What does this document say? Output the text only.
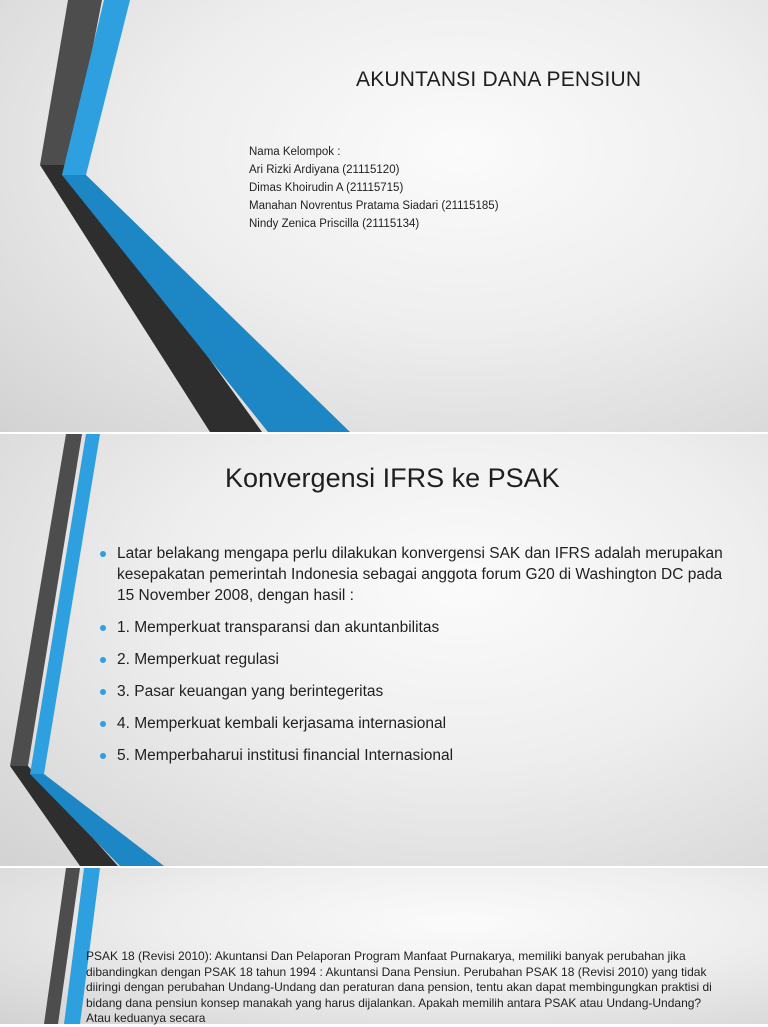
AKUNTANSI DANA PENSIUN
Nama Kelompok :
Ari Rizki Ardiyana (21115120)
Dimas Khoirudin A (21115715)
Manahan Novrentus Pratama Siadari (21115185)
Nindy Zenica Priscilla (21115134)
Konvergensi IFRS ke PSAK
Latar belakang mengapa perlu dilakukan konvergensi SAK dan IFRS adalah merupakan kesepakatan pemerintah Indonesia sebagai anggota forum G20 di Washington DC pada 15 November 2008, dengan hasil :
1. Memperkuat transparansi dan akuntanbilitas
2. Memperkuat regulasi
3. Pasar keuangan yang berintegeritas
4. Memperkuat kembali kerjasama internasional
5. Memperbaharui institusi financial Internasional
PSAK 18 (Revisi 2010): Akuntansi Dan Pelaporan Program Manfaat Purnakarya, memiliki banyak perubahan jika dibandingkan dengan PSAK 18 tahun 1994 : Akuntansi Dana Pensiun. Perubahan PSAK 18 (Revisi 2010) yang tidak diiringi dengan perubahan Undang-Undang dan peraturan dana pension, tentu akan dapat membingungkan praktisi di bidang dana pensiun konsep manakah yang harus dijalankan. Apakah memilih antara PSAK atau Undang-Undang? Atau keduanya secara
